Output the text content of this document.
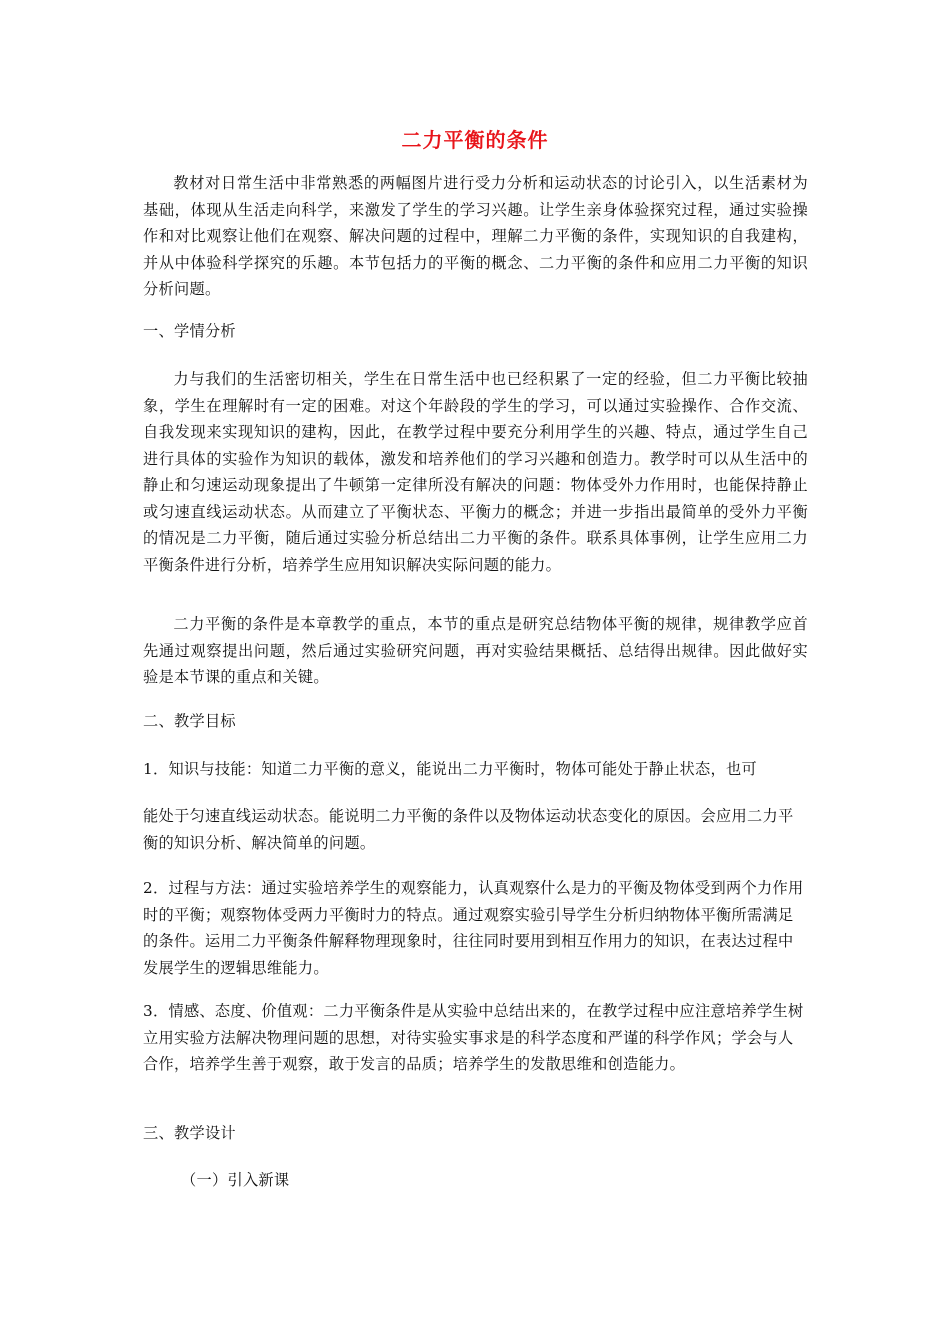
二力平衡的条件
教材对日常生活中非常熟悉的两幅图片进行受力分析和运动状态的讨论引入，以生活素材为基础，体现从生活走向科学，来激发了学生的学习兴趣。让学生亲身体验探究过程，通过实验操作和对比观察让他们在观察、解决问题的过程中，理解二力平衡的条件，实现知识的自我建构，并从中体验科学探究的乐趣。本节包括力的平衡的概念、二力平衡的条件和应用二力平衡的知识分析问题。
一、学情分析
力与我们的生活密切相关，学生在日常生活中也已经积累了一定的经验，但二力平衡比较抽象，学生在理解时有一定的困难。对这个年龄段的学生的学习，可以通过实验操作、合作交流、自我发现来实现知识的建构，因此，在教学过程中要充分利用学生的兴趣、特点，通过学生自己进行具体的实验作为知识的载体，激发和培养他们的学习兴趣和创造力。教学时可以从生活中的静止和匀速运动现象提出了牛顿第一定律所没有解决的问题：物体受外力作用时，也能保持静止或匀速直线运动状态。从而建立了平衡状态、平衡力的概念；并进一步指出最简单的受外力平衡的情况是二力平衡，随后通过实验分析总结出二力平衡的条件。联系具体事例，让学生应用二力平衡条件进行分析，培养学生应用知识解决实际问题的能力。
二力平衡的条件是本章教学的重点，本节的重点是研究总结物体平衡的规律，规律教学应首先通过观察提出问题，然后通过实验研究问题，再对实验结果概括、总结得出规律。因此做好实验是本节课的重点和关键。
二、教学目标
1．知识与技能：知道二力平衡的意义，能说出二力平衡时，物体可能处于静止状态，也可
能处于匀速直线运动状态。能说明二力平衡的条件以及物体运动状态变化的原因。会应用二力平衡的知识分析、解决简单的问题。
2．过程与方法：通过实验培养学生的观察能力，认真观察什么是力的平衡及物体受到两个力作用时的平衡；观察物体受两力平衡时力的特点。通过观察实验引导学生分析归纳物体平衡所需满足的条件。运用二力平衡条件解释物理现象时，往往同时要用到相互作用力的知识，在表达过程中发展学生的逻辑思维能力。
3．情感、态度、价值观：二力平衡条件是从实验中总结出来的，在教学过程中应注意培养学生树立用实验方法解决物理问题的思想，对待实验实事求是的科学态度和严谨的科学作风；学会与人合作，培养学生善于观察，敢于发言的品质；培养学生的发散思维和创造能力。
三、教学设计
（一）引入新课
